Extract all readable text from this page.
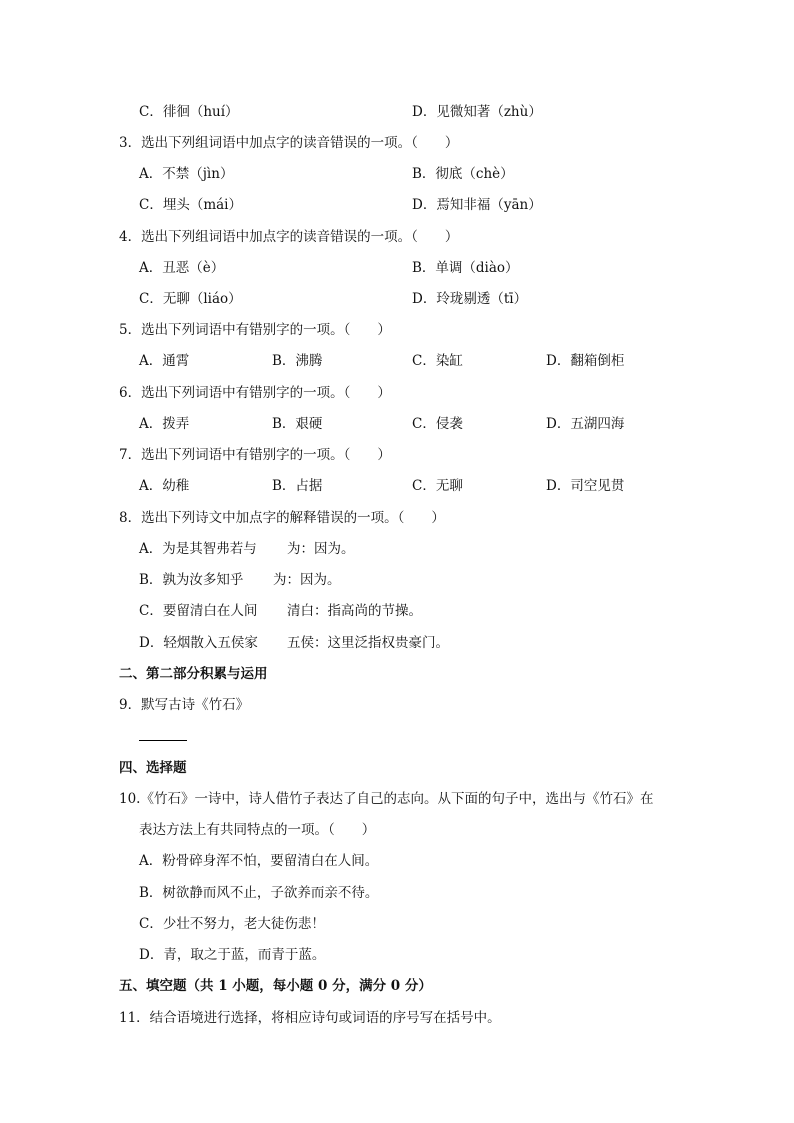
C．徘徊（huí）	D．见微知著（zhù）
3．选出下列组词语中加点字的读音错误的一项。（　　）
A．不禁（jìn）	B．彻底（chè）
C．埋头（mái）	D．焉知非福（yān）
4．选出下列组词语中加点字的读音错误的一项。（　　）
A．丑恶（è）	B．单调（diào）
C．无聊（liáo）	D．玲珑剔透（tī）
5．选出下列词语中有错别字的一项。（　　）
A．通霄	B．沸腾	C．染缸	D．翻箱倒柜
6．选出下列词语中有错别字的一项。（　　）
A．拨弄	B．艰硬	C．侵袭	D．五湖四海
7．选出下列词语中有错别字的一项。（　　）
A．幼稚	B．占据	C．无聊	D．司空见贯
8．选出下列诗文中加点字的解释错误的一项。（　　）
A．为是其智弗若与 为：因为。
B．孰为汝多知乎 为：因为。
C．要留清白在人间 清白：指高尚的节操。
D．轻烟散入五侯家 五侯：这里泛指权贵豪门。
二、第二部分积累与运用
9．默写古诗《竹石》
四、选择题
10.《竹石》一诗中，诗人借竹子表达了自己的志向。从下面的句子中，选出与《竹石》在
表达方法上有共同特点的一项。（　　）
A．粉骨碎身浑不怕，要留清白在人间。
B．树欲静而风不止，子欲养而亲不待。
C．少壮不努力，老大徒伤悲！
D．青，取之于蓝，而青于蓝。
五、填空题（共 1 小题，每小题 0 分，满分 0 分）
11．结合语境进行选择，将相应诗句或词语的序号写在括号中。
